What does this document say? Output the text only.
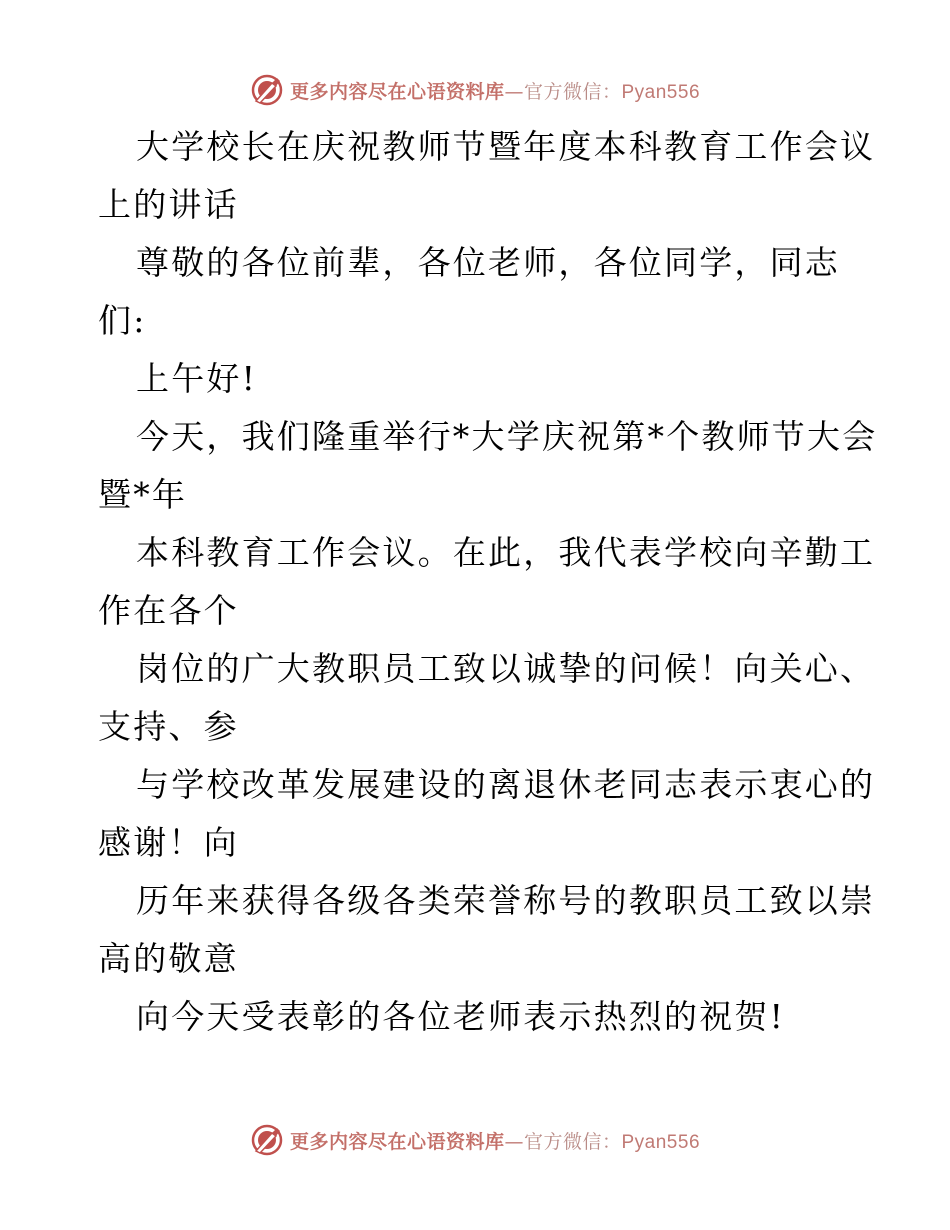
更多内容尽在心语资料库—官方微信：Pyan556
大学校长在庆祝教师节暨年度本科教育工作会议
上的讲话
尊敬的各位前辈，各位老师，各位同学，同志
们:
上午好!
今天，我们隆重举行*大学庆祝第*个教师节大会
暨*年
本科教育工作会议。在此，我代表学校向辛勤工
作在各个
岗位的广大教职员工致以诚挚的问候！向关心、
支持、参
与学校改革发展建设的离退休老同志表示衷心的
感谢！向
历年来获得各级各类荣誉称号的教职员工致以崇
高的敬意
向今天受表彰的各位老师表示热烈的祝贺!
更多内容尽在心语资料库—官方微信：Pyan556
